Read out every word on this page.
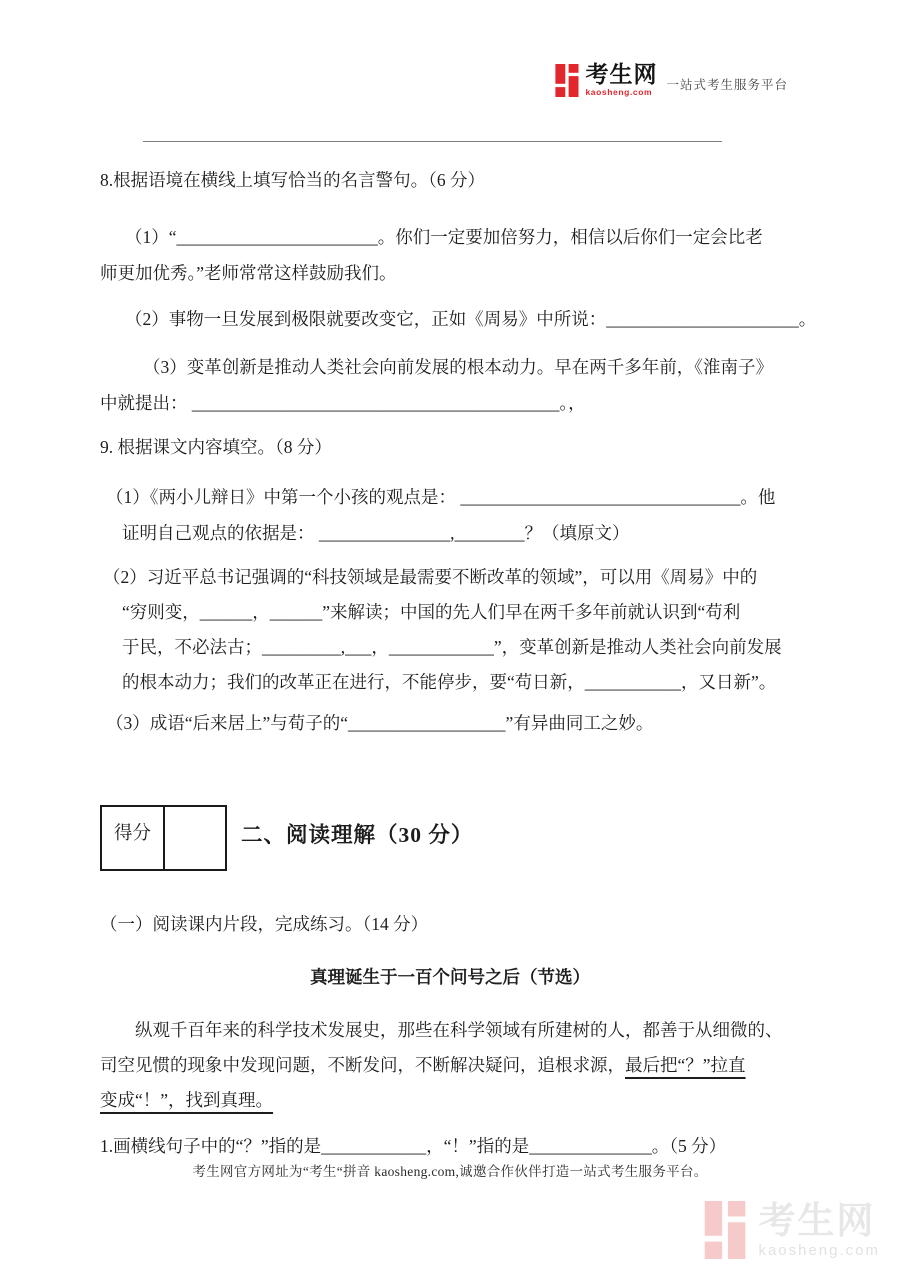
考生网
kaosheng.com
一站式考生服务平台
8.根据语境在横线上填写恰当的名言警句。（6 分）
（1）“_______________________。你们一定要加倍努力，相信以后你们一定会比老
师更加优秀。”老师常常这样鼓励我们。
（2）事物一旦发展到极限就要改变它，正如《周易》中所说：______________________。
（3）变革创新是推动人类社会向前发展的根本动力。早在两千多年前，《淮南子》
中就提出： __________________________________________。，
9. 根据课文内容填空。（8 分）
（1）《两小儿辩日》中第一个小孩的观点是： ________________________________。他
证明自己观点的依据是： _______________,________？（填原文）
（2）习近平总书记强调的“科技领域是最需要不断改革的领域”，可以用《周易》中的
“穷则变，______，______”来解读；中国的先人们早在两千多年前就认识到“苟利
于民，不必法古；_________,___，____________”，变革创新是推动人类社会向前发展
的根本动力；我们的改革正在进行，不能停步，要“苟日新，___________，又日新”。
（3）成语“后来居上”与荀子的“__________________”有异曲同工之妙。
得分	二、阅读理解（30 分）
（一）阅读课内片段，完成练习。（14 分）
真理诞生于一百个问号之后（节选）
纵观千百年来的科学技术发展史，那些在科学领域有所建树的人，都善于从细微的、
司空见惯的现象中发现问题，不断发问，不断解决疑问，追根求源，最后把“？”拉直
变成“！”，找到真理。
1.画横线句子中的“？”指的是____________，“！”指的是______________。（5 分）
考生网官方网址为“考生“拼音 kaosheng.com,诚邀合作伙伴打造一站式考生服务平台。
考生网
kaosheng.com
